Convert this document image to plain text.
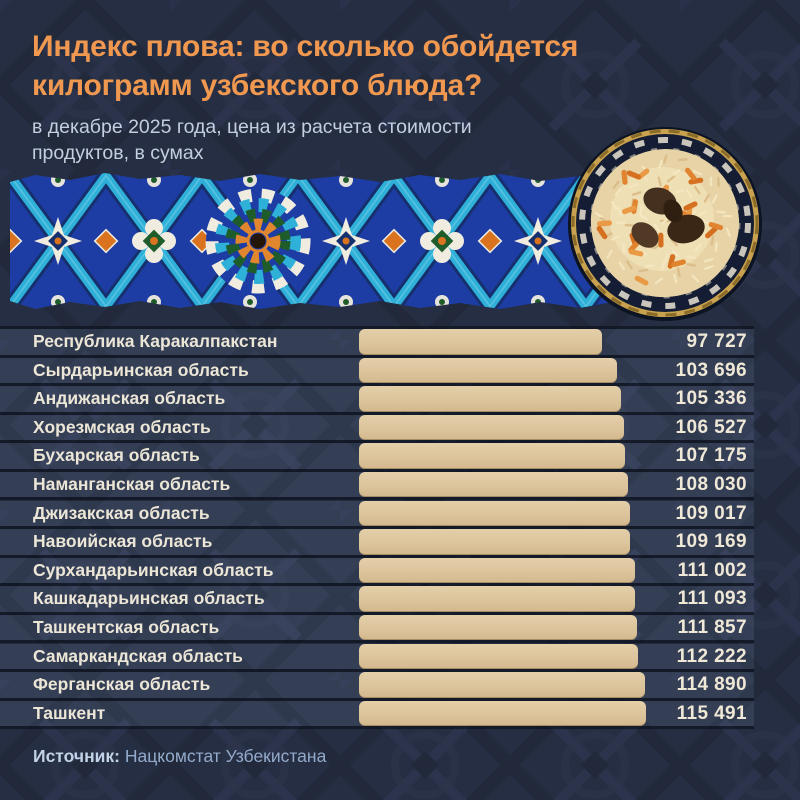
Индекс плова: во сколько обойдется
килограмм узбекского блюда?
в декабре 2025 года, цена из расчета стоимости
продуктов, в сумах
Республика Каракалпакстан	97 727
Сырдарьинская область	103 696
Андижанская область	105 336
Хорезмская область	106 527
Бухарская область	107 175
Наманганская область	108 030
Джизакская область	109 017
Навоийская область	109 169
Сурхандарьинская область	111 002
Кашкадарьинская область	111 093
Ташкентская область	111 857
Самаркандская область	112 222
Ферганская область	114 890
Ташкент	115 491
Источник: Нацкомстат Узбекистана
